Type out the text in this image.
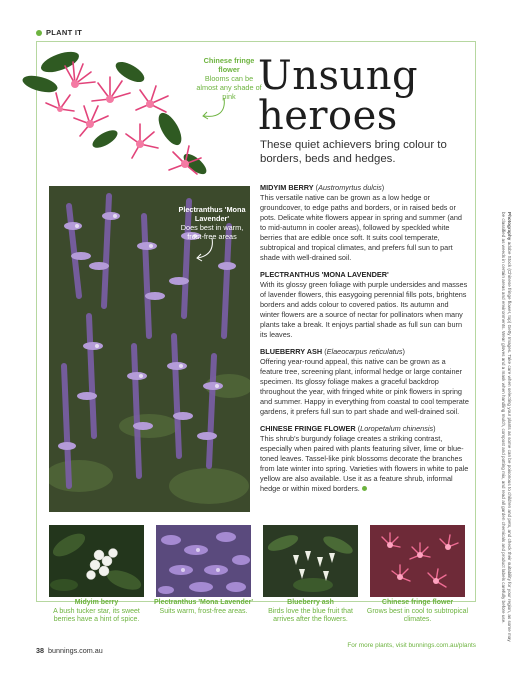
PLANT IT
Chinese fringe flower
Blooms can be almost any shade of pink Unsung
heroes
These quiet achievers bring colour to borders, beds and hedges.
Plectranthus 'Mona Lavender'
Does best in warm, frost-free areas
MIDYIM BERRY (Austromyrtus dulcis)
This versatile native can be grown as a low hedge or groundcover, to edge paths and borders, or in raised beds or pots. Delicate white flowers appear in spring and summer (and to mid-autumn in cooler areas), followed by speckled white berries that are edible once soft. It suits cool temperate, subtropical and tropical climates, and prefers full sun to part shade with well-drained soil.
PLECTRANTHUS 'MONA LAVENDER'
With its glossy green foliage with purple undersides and masses of lavender flowers, this easygoing perennial fills pots, brightens borders and adds colour to covered patios. Its autumn and winter flowers are a source of nectar for pollinators when many plants take a break. It enjoys partial shade as full sun can burn its leaves.
BLUEBERRY ASH (Elaeocarpus reticulatus)
Offering year-round appeal, this native can be grown as a feature tree, screening plant, informal hedge or large container specimen. Its glossy foliage makes a graceful backdrop throughout the year, with fringed white or pink flowers in spring and summer. Happy in everything from coastal to cool temperate gardens, it prefers full sun to part shade and well-drained soil.
CHINESE FRINGE FLOWER (Loropetalum chinensis)
This shrub's burgundy foliage creates a striking contrast, especially when paired with plants featuring silver, lime or blue-toned leaves. Tassel-like pink blossoms decorate the branches from late winter into spring. Varieties with flowers in white to pale yellow are also available. Use it as a feature shrub, informal hedge or within mixed borders.
Midyim berry
A bush tucker star, its sweet berries have a hint of spice.
Plectranthus 'Mona Lavender'
Suits warm, frost-free areas.
Blueberry ash
Birds love the blue fruit that arrives after the flowers.
Chinese fringe flower
Grows best in cool to subtropical climates.
Photography adobe Stock (Chinese fringe flower, top) Getty Images. Take care when selecting your plants as some can be poisonous to children and pets, and check their suitability for your region, as some may be classified as weeds in certain areas and environments. Wear gloves and a mask when handling mulch, compost and potting mix, and read all garden chemicals and product labels carefully before use.
38 bunnings.com.au
For more plants, visit bunnings.com.au/plants
